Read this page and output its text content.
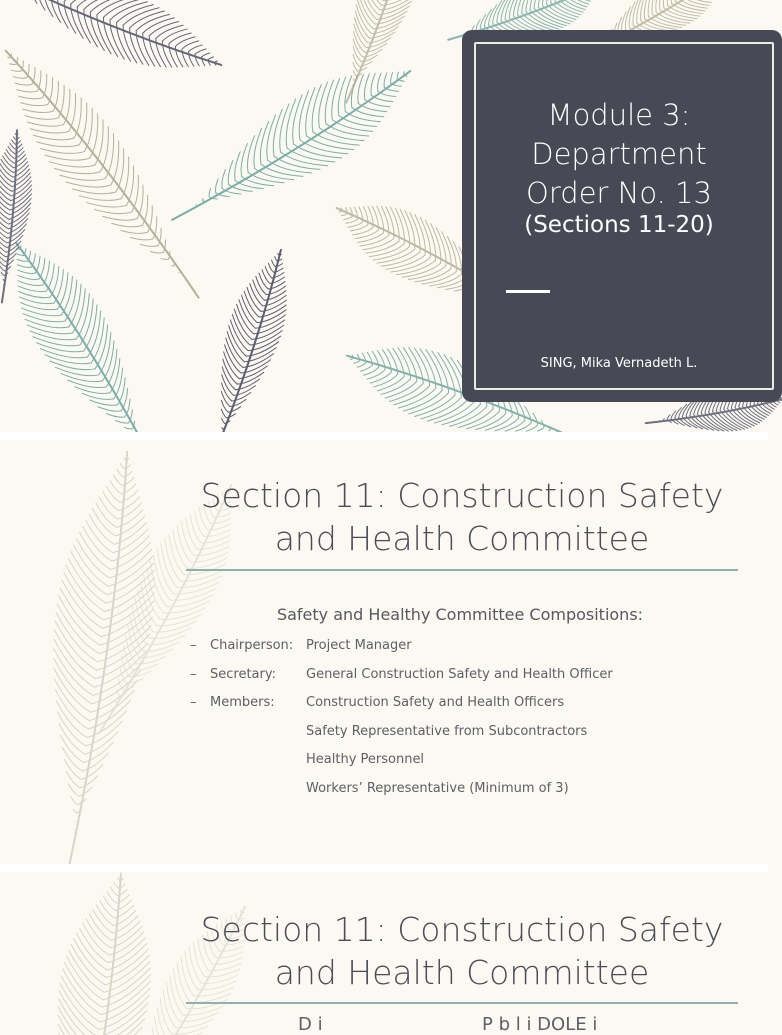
Module 3:
Department
Order No. 13
(Sections 11-20)
SING, Mika Vernadeth L.
Section 11: Construction Safety
and Health Committee
Safety and Healthy Committee Compositions:
– Chairperson: Project Manager
– Secretary: General Construction Safety and Health Officer
– Members: Construction Safety and Health Officers
Safety Representative from Subcontractors
Healthy Personnel
Workers’ Representative (Minimum of 3)
Section 11: Construction Safety
and Health Committee
D i	P b l i DOLE i
